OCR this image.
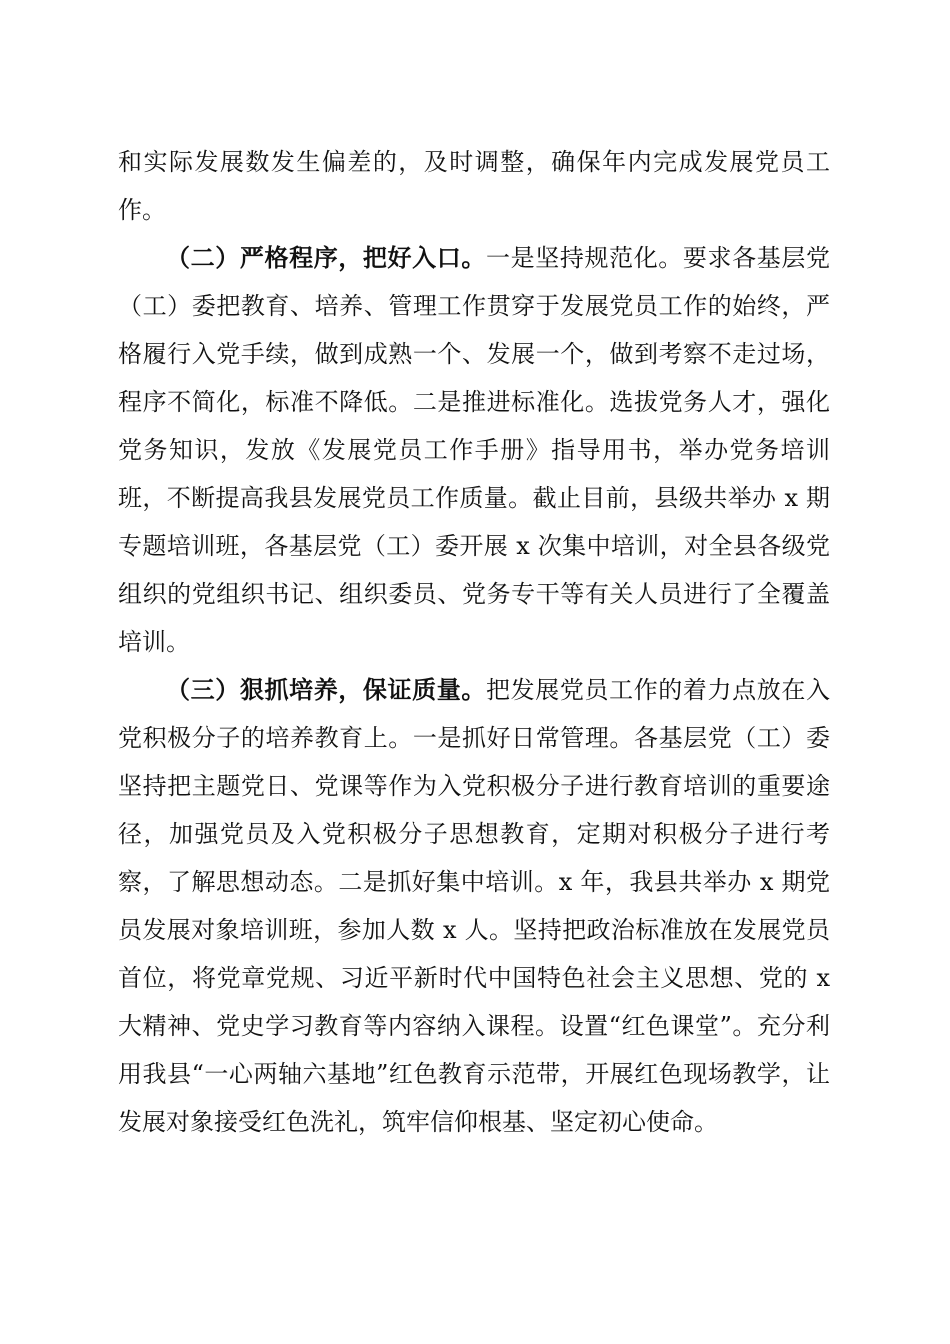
和实际发展数发生偏差的，及时调整，确保年内完成发展党员工作。

（二）严格程序，把好入口。一是坚持规范化。要求各基层党（工）委把教育、培养、管理工作贯穿于发展党员工作的始终，严格履行入党手续，做到成熟一个、发展一个，做到考察不走过场，程序不简化，标准不降低。二是推进标准化。选拔党务人才，强化党务知识，发放《发展党员工作手册》指导用书，举办党务培训班，不断提高我县发展党员工作质量。截止目前，县级共举办 x 期专题培训班，各基层党（工）委开展 x 次集中培训，对全县各级党组织的党组织书记、组织委员、党务专干等有关人员进行了全覆盖培训。

（三）狠抓培养，保证质量。把发展党员工作的着力点放在入党积极分子的培养教育上。一是抓好日常管理。各基层党（工）委坚持把主题党日、党课等作为入党积极分子进行教育培训的重要途径，加强党员及入党积极分子思想教育，定期对积极分子进行考察，了解思想动态。二是抓好集中培训。x 年，我县共举办 x 期党员发展对象培训班，参加人数 x 人。坚持把政治标准放在发展党员首位，将党章党规、习近平新时代中国特色社会主义思想、党的 x 大精神、党史学习教育等内容纳入课程。设置“红色课堂”。充分利用我县“一心两轴六基地”红色教育示范带，开展红色现场教学，让发展对象接受红色洗礼，筑牢信仰根基、坚定初心使命。
